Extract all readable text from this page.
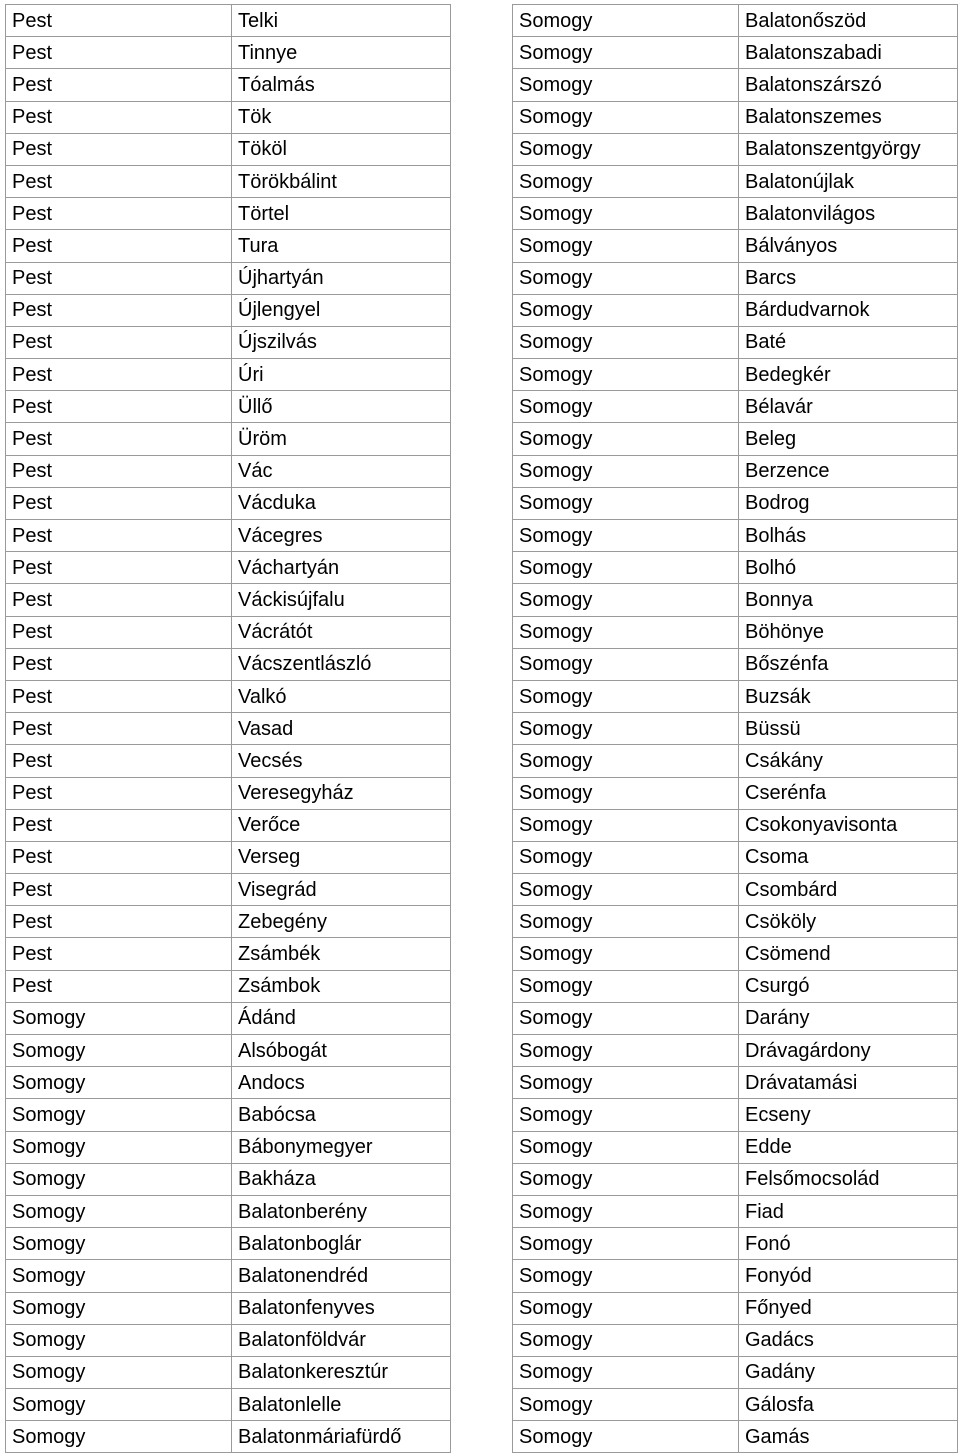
Pest	Telki
Pest	Tinnye
Pest	Tóalmás
Pest	Tök
Pest	Tököl
Pest	Törökbálint
Pest	Törtel
Pest	Tura
Pest	Újhartyán
Pest	Újlengyel
Pest	Újszilvás
Pest	Úri
Pest	Üllő
Pest	Üröm
Pest	Vác
Pest	Vácduka
Pest	Vácegres
Pest	Váchartyán
Pest	Váckisújfalu
Pest	Vácrátót
Pest	Vácszentlászló
Pest	Valkó
Pest	Vasad
Pest	Vecsés
Pest	Veresegyház
Pest	Verőce
Pest	Verseg
Pest	Visegrád
Pest	Zebegény
Pest	Zsámbék
Pest	Zsámbok
Somogy	Ádánd
Somogy	Alsóbogát
Somogy	Andocs
Somogy	Babócsa
Somogy	Bábonymegyer
Somogy	Bakháza
Somogy	Balatonberény
Somogy	Balatonboglár
Somogy	Balatonendréd
Somogy	Balatonfenyves
Somogy	Balatonföldvár
Somogy	Balatonkeresztúr
Somogy	Balatonlelle
Somogy	Balatonmáriafürdő
Somogy	Balatonőszöd
Somogy	Balatonszabadi
Somogy	Balatonszárszó
Somogy	Balatonszemes
Somogy	Balatonszentgyörgy
Somogy	Balatonújlak
Somogy	Balatonvilágos
Somogy	Bálványos
Somogy	Barcs
Somogy	Bárdudvarnok
Somogy	Baté
Somogy	Bedegkér
Somogy	Bélavár
Somogy	Beleg
Somogy	Berzence
Somogy	Bodrog
Somogy	Bolhás
Somogy	Bolhó
Somogy	Bonnya
Somogy	Böhönye
Somogy	Bőszénfa
Somogy	Buzsák
Somogy	Büssü
Somogy	Csákány
Somogy	Cserénfa
Somogy	Csokonyavisonta
Somogy	Csoma
Somogy	Csombárd
Somogy	Csököly
Somogy	Csömend
Somogy	Csurgó
Somogy	Darány
Somogy	Drávagárdony
Somogy	Drávatamási
Somogy	Ecseny
Somogy	Edde
Somogy	Felsőmocsolád
Somogy	Fiad
Somogy	Fonó
Somogy	Fonyód
Somogy	Főnyed
Somogy	Gadács
Somogy	Gadány
Somogy	Gálosfa
Somogy	Gamás
